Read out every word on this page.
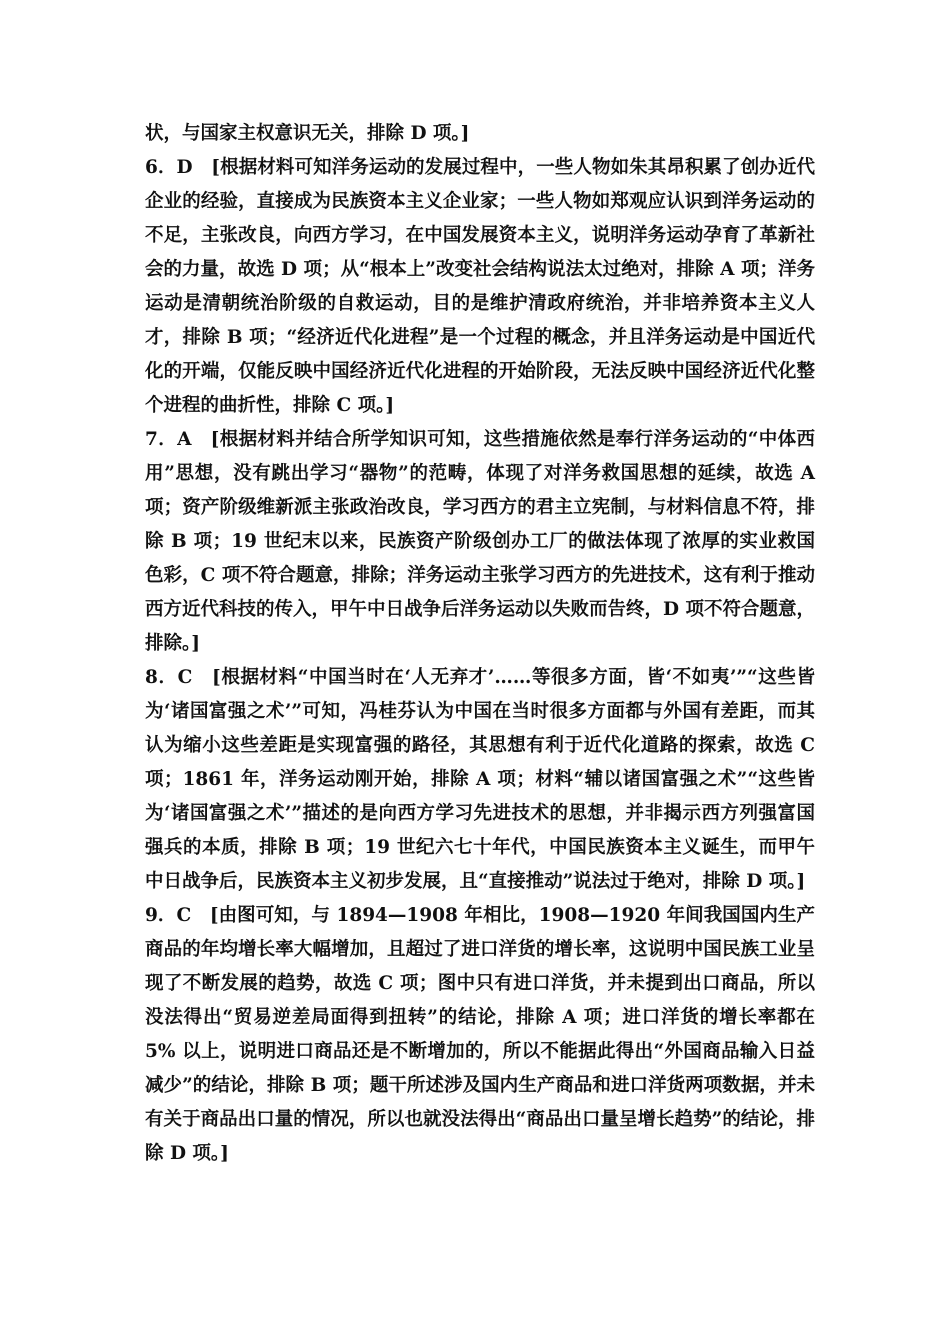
状，与国家主权意识无关，排除 D 项。]

6．D　[根据材料可知洋务运动的发展过程中，一些人物如朱其昂积累了创办近代企业的经验，直接成为民族资本主义企业家；一些人物如郑观应认识到洋务运动的不足，主张改良，向西方学习，在中国发展资本主义，说明洋务运动孕育了革新社会的力量，故选 D 项；从“根本上”改变社会结构说法太过绝对，排除 A 项；洋务运动是清朝统治阶级的自救运动，目的是维护清政府统治，并非培养资本主义人才，排除 B 项；“经济近代化进程”是一个过程的概念，并且洋务运动是中国近代化的开端，仅能反映中国经济近代化进程的开始阶段，无法反映中国经济近代化整个进程的曲折性，排除 C 项。]

7．A　[根据材料并结合所学知识可知，这些措施依然是奉行洋务运动的“中体西用”思想，没有跳出学习“器物”的范畴，体现了对洋务救国思想的延续，故选 A 项；资产阶级维新派主张政治改良，学习西方的君主立宪制，与材料信息不符，排除 B 项；19 世纪末以来，民族资产阶级创办工厂的做法体现了浓厚的实业救国色彩，C 项不符合题意，排除；洋务运动主张学习西方的先进技术，这有利于推动西方近代科技的传入，甲午中日战争后洋务运动以失败而告终，D 项不符合题意，排除。]

8．C　[根据材料“中国当时在‘人无弃才’……等很多方面，皆‘不如夷’”“这些皆为‘诸国富强之术’”可知，冯桂芬认为中国在当时很多方面都与外国有差距，而其认为缩小这些差距是实现富强的路径，其思想有利于近代化道路的探索，故选 C 项；1861 年，洋务运动刚开始，排除 A 项；材料“辅以诸国富强之术”“这些皆为‘诸国富强之术’”描述的是向西方学习先进技术的思想，并非揭示西方列强富国强兵的本质，排除 B 项；19 世纪六七十年代，中国民族资本主义诞生，而甲午中日战争后，民族资本主义初步发展，且“直接推动”说法过于绝对，排除 D 项。]

9．C　[由图可知，与 1894—1908 年相比，1908—1920 年间我国国内生产商品的年均增长率大幅增加，且超过了进口洋货的增长率，这说明中国民族工业呈现了不断发展的趋势，故选 C 项；图中只有进口洋货，并未提到出口商品，所以没法得出“贸易逆差局面得到扭转”的结论，排除 A 项；进口洋货的增长率都在 5% 以上，说明进口商品还是不断增加的，所以不能据此得出“外国商品输入日益减少”的结论，排除 B 项；题干所述涉及国内生产商品和进口洋货两项数据，并未有关于商品出口量的情况，所以也就没法得出“商品出口量呈增长趋势”的结论，排除 D 项。]
